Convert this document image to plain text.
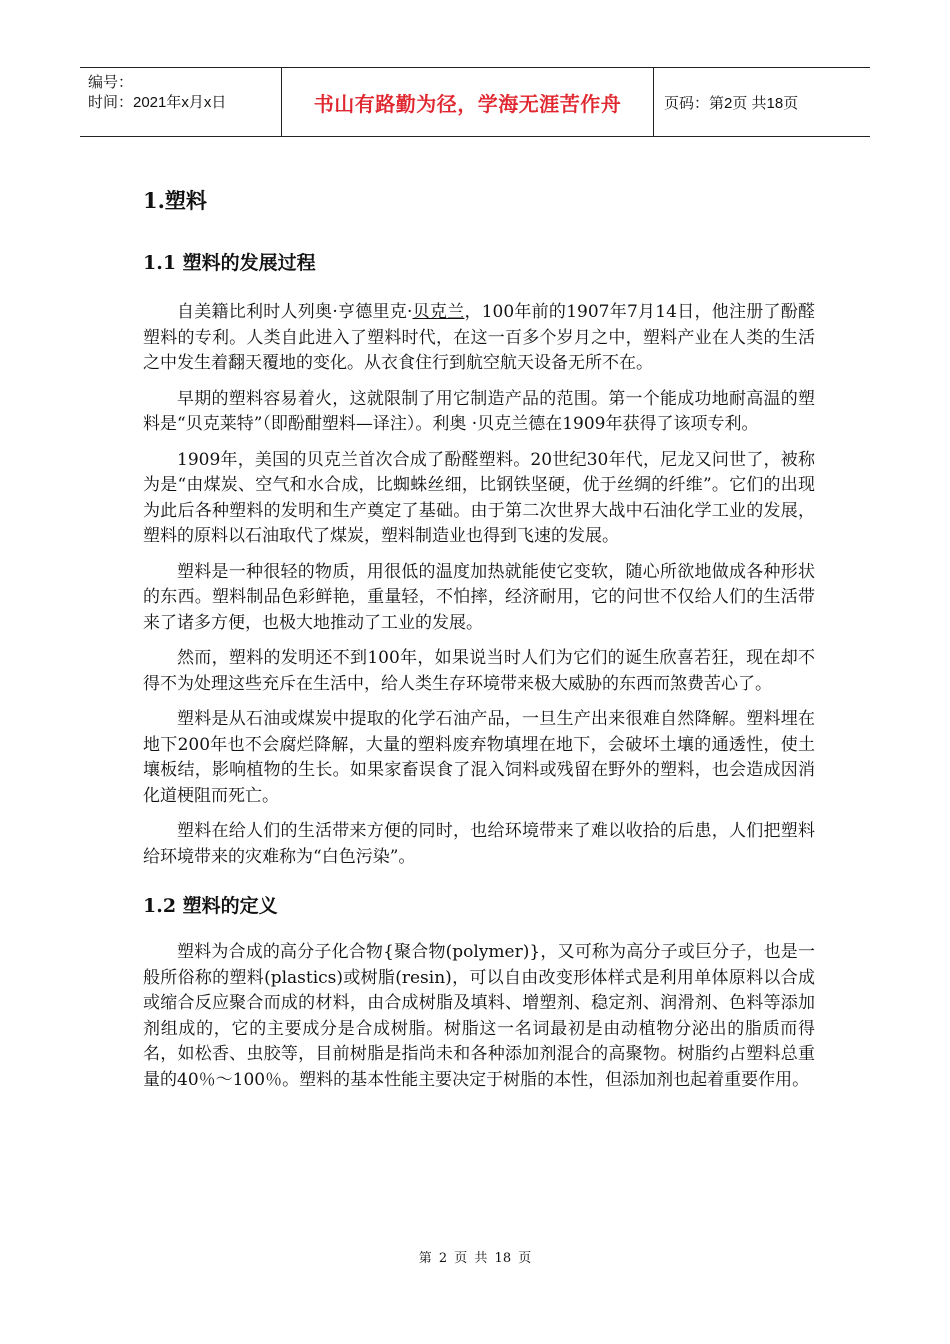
编号：
时间：2021年x月x日	书山有路勤为径，学海无涯苦作舟	页码：第2页 共18页
1.塑料
1.1 塑料的发展过程

自美籍比利时人列奥·亨德里克·贝克兰，100年前的1907年7月14日，他注册了酚醛塑料的专利。人类自此进入了塑料时代，在这一百多个岁月之中，塑料产业在人类的生活之中发生着翻天覆地的变化。从衣食住行到航空航天设备无所不在。

早期的塑料容易着火，这就限制了用它制造产品的范围。第一个能成功地耐高温的塑料是“贝克莱特”（即酚酣塑料—译注）。利奥 ·贝克兰德在1909年获得了该项专利。

1909年，美国的贝克兰首次合成了酚醛塑料。20世纪30年代，尼龙又问世了，被称为是“由煤炭、空气和水合成，比蜘蛛丝细，比钢铁坚硬，优于丝绸的纤维”。它们的出现为此后各种塑料的发明和生产奠定了基础。由于第二次世界大战中石油化学工业的发展，塑料的原料以石油取代了煤炭，塑料制造业也得到飞速的发展。

塑料是一种很轻的物质，用很低的温度加热就能使它变软，随心所欲地做成各种形状的东西。塑料制品色彩鲜艳，重量轻，不怕摔，经济耐用，它的问世不仅给人们的生活带来了诸多方便，也极大地推动了工业的发展。

然而，塑料的发明还不到100年，如果说当时人们为它们的诞生欣喜若狂，现在却不得不为处理这些充斥在生活中，给人类生存环境带来极大威胁的东西而煞费苦心了。

塑料是从石油或煤炭中提取的化学石油产品，一旦生产出来很难自然降解。塑料埋在地下200年也不会腐烂降解，大量的塑料废弃物填埋在地下，会破坏土壤的通透性，使土壤板结，影响植物的生长。如果家畜误食了混入饲料或残留在野外的塑料，也会造成因消化道梗阻而死亡。

塑料在给人们的生活带来方便的同时，也给环境带来了难以收拾的后患，人们把塑料给环境带来的灾难称为“白色污染”。

1.2 塑料的定义

塑料为合成的高分子化合物{聚合物(polymer)}，又可称为高分子或巨分子，也是一般所俗称的塑料(plastics)或树脂(resin)，可以自由改变形体样式是利用单体原料以合成或缩合反应聚合而成的材料，由合成树脂及填料、增塑剂、稳定剂、润滑剂、色料等添加剂组成的，它的主要成分是合成树脂。树脂这一名词最初是由动植物分泌出的脂质而得名，如松香、虫胶等，目前树脂是指尚未和各种添加剂混合的高聚物。树脂约占塑料总重量的40％～100％。塑料的基本性能主要决定于树脂的本性，但添加剂也起着重要作用。

第 2 页 共 18 页
